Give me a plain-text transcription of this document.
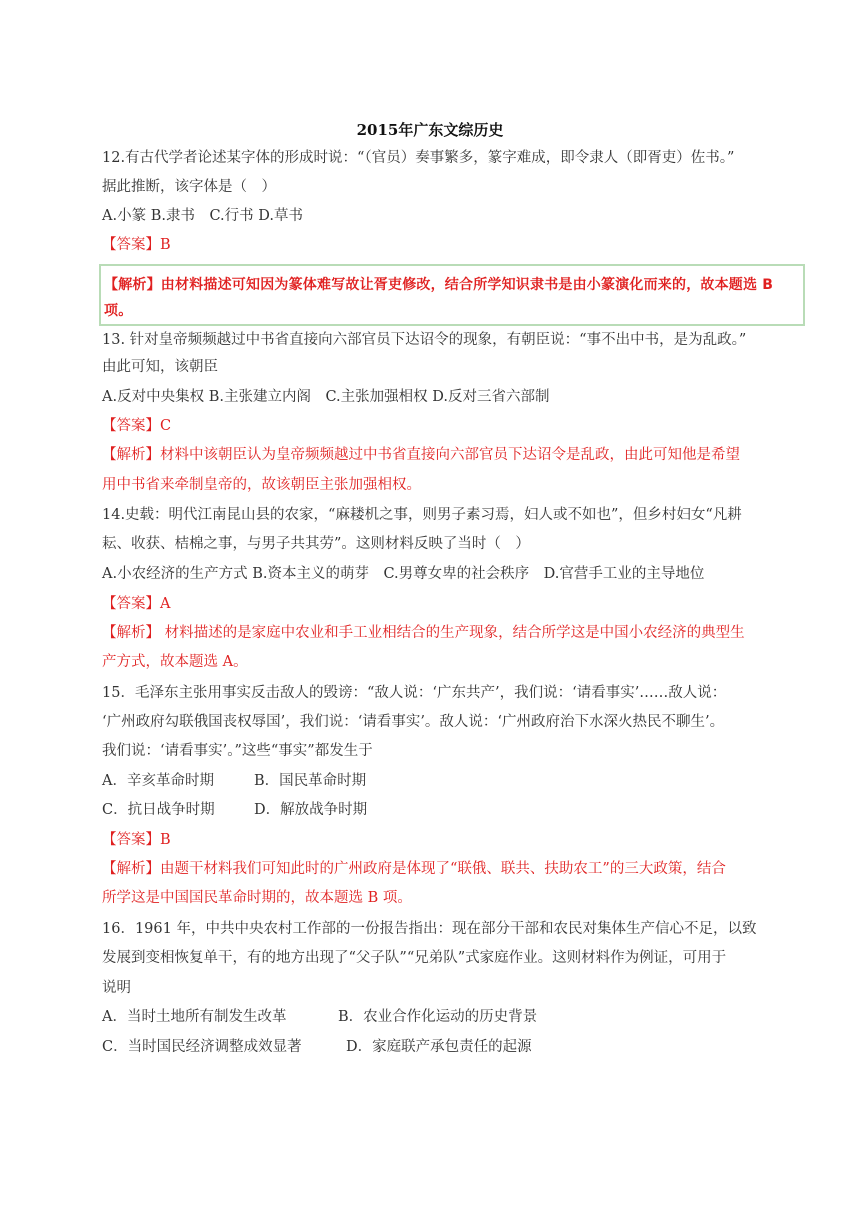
2015年广东文综历史
12.有古代学者论述某字体的形成时说：“（官员）奏事繁多，篆字难成，即令隶人（即胥吏）佐书。”
据此推断，该字体是（　）
A.小篆 B.隶书　C.行书 D.草书
【答案】B
【解析】由材料描述可知因为篆体难写故让胥吏修改，结合所学知识隶书是由小篆演化而来的，故本题选 B
项。
13. 针对皇帝频频越过中书省直接向六部官员下达诏令的现象，有朝臣说：“事不出中书，是为乱政。”
由此可知，该朝臣
A.反对中央集权 B.主张建立内阁　C.主张加强相权 D.反对三省六部制
【答案】C
【解析】材料中该朝臣认为皇帝频频越过中书省直接向六部官员下达诏令是乱政，由此可知他是希望
用中书省来牵制皇帝的，故该朝臣主张加强相权。
14.史载：明代江南昆山县的农家，“麻耧机之事，则男子素习焉，妇人或不如也”，但乡村妇女“凡耕
耘、收获、桔棉之事，与男子共其劳”。这则材料反映了当时（　）
A.小农经济的生产方式 B.资本主义的萌芽　C.男尊女卑的社会秩序　D.官营手工业的主导地位
【答案】A
【解析】 材料描述的是家庭中农业和手工业相结合的生产现象，结合所学这是中国小农经济的典型生
产方式，故本题选 A。
15．毛泽东主张用事实反击敌人的毁谤：“敌人说：‘广东共产’，我们说：‘请看事实’……敌人说：
‘广州政府勾联俄国丧权辱国’，我们说：‘请看事实’。敌人说：‘广州政府治下水深火热民不聊生’。
我们说：‘请看事实’。”这些“事实”都发生于
A．辛亥革命时期	B．国民革命时期
C．抗日战争时期	D．解放战争时期
【答案】B
【解析】由题干材料我们可知此时的广州政府是体现了“联俄、联共、扶助农工”的三大政策，结合
所学这是中国国民革命时期的，故本题选 B 项。
16．1961 年，中共中央农村工作部的一份报告指出：现在部分干部和农民对集体生产信心不足，以致
发展到变相恢复单干，有的地方出现了“父子队”“兄弟队”式家庭作业。这则材料作为例证，可用于
说明
A．当时土地所有制发生改革	B．农业合作化运动的历史背景
C．当时国民经济调整成效显著	D．家庭联产承包责任的起源
